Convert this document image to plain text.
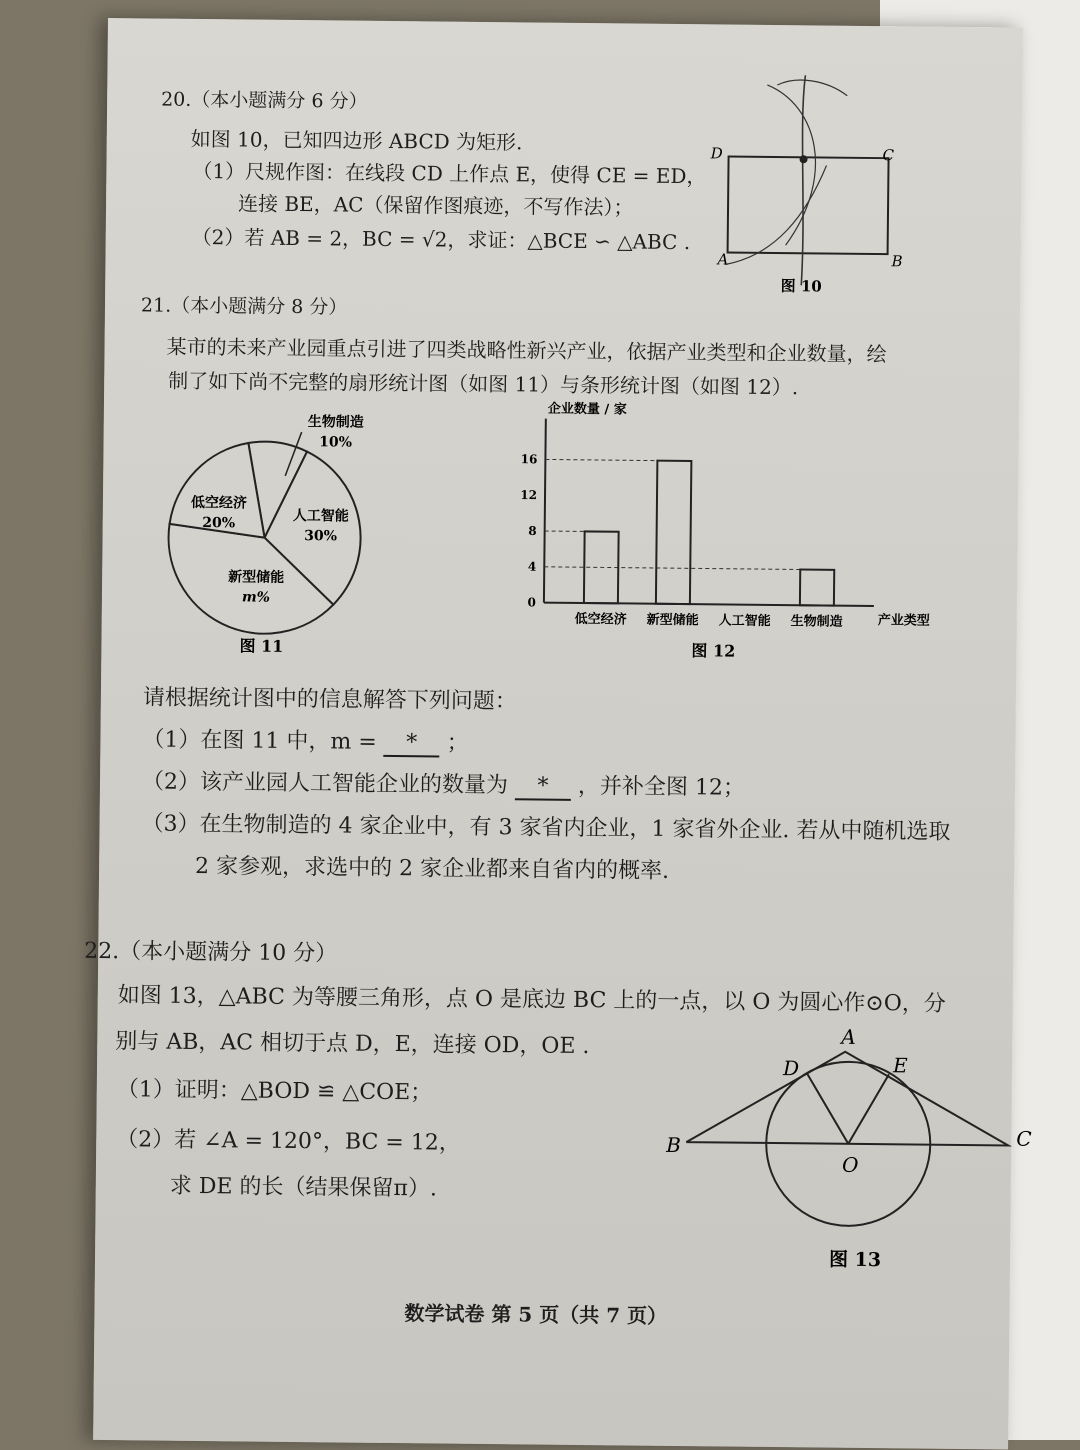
20.（本小题满分 6 分）
如图 10，已知四边形 ABCD 为矩形.
（1）尺规作图：在线段 CD 上作点 E，使得 CE = ED，
连接 BE，AC（保留作图痕迹，不写作法）；
（2）若 AB = 2，BC = √2，求证：△BCE ∽ △ABC .
D	C
A	B
图 10
21.（本小题满分 8 分）
某市的未来产业园重点引进了四类战略性新兴产业，依据产业类型和企业数量，绘
制了如下尚不完整的扇形统计图（如图 11）与条形统计图（如图 12）.
生物制造
10%
人工智能
30%
新型储能
m%
低空经济
20%
图 11
企业数量 / 家
产业类型
0
4
8
12
16
低空经济 新型储能 人工智能 生物制造
图 12
请根据统计图中的信息解答下列问题：
（1）在图 11 中，m = * ；
（2）该产业园人工智能企业的数量为 * ，并补全图 12；
（3）在生物制造的 4 家企业中，有 3 家省内企业，1 家省外企业. 若从中随机选取
2 家参观，求选中的 2 家企业都来自省内的概率.
22.（本小题满分 10 分）
如图 13，△ABC 为等腰三角形，点 O 是底边 BC 上的一点，以 O 为圆心作⊙O，分
别与 AB，AC 相切于点 D，E，连接 OD，OE .
（1）证明：△BOD ≌ △COE；
（2）若 ∠A = 120°，BC = 12，
求 DE 的长（结果保留π）.
A
D	E
B
O
C
图 13
数学试卷 第 5 页（共 7 页）
